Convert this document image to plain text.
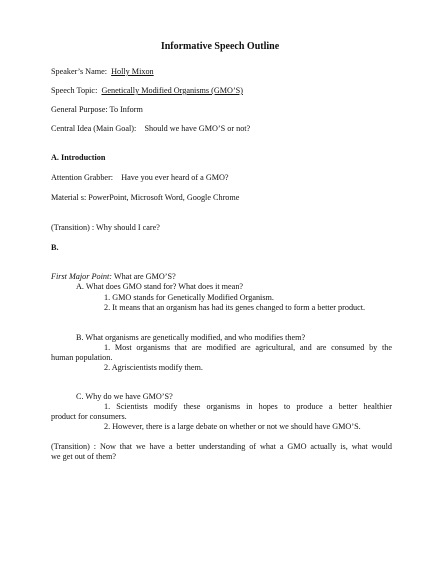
Informative Speech Outline
Speaker’s Name: Holly Mixon
Speech Topic: Genetically Modified Organisms (GMO’S)
General Purpose: To Inform
Central Idea (Main Goal): Should we have GMO’S or not?
A. Introduction
Attention Grabber: Have you ever heard of a GMO?
Material s: PowerPoint, Microsoft Word, Google Chrome
(Transition) : Why should I care?
B.
First Major Point: What are GMO’S?
A. What does GMO stand for? What does it mean?
1. GMO stands for Genetically Modified Organism.
2. It means that an organism has had its genes changed to form a better product.
B. What organisms are genetically modified, and who modifies them?
1. Most organisms that are modified are agricultural, and are consumed by the
human population.
2. Agriscientists modify them.
C. Why do we have GMO’S?
1. Scientists modify these organisms in hopes to produce a better healthier
product for consumers.
2. However, there is a large debate on whether or not we should have GMO’S.
(Transition) : Now that we have a better understanding of what a GMO actually is, what would
we get out of them?
